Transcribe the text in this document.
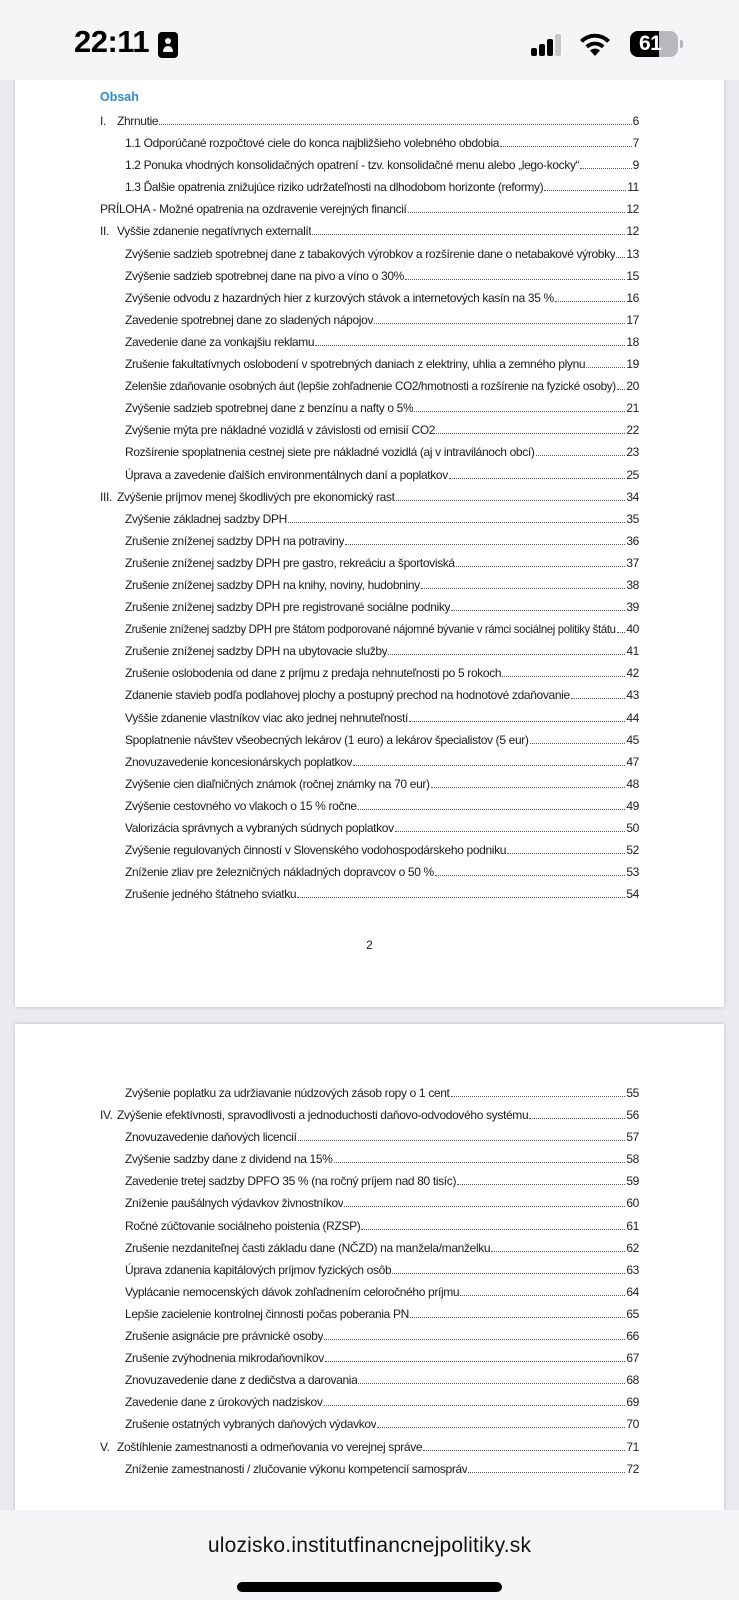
22:11	61
Obsah
I. Zhrnutie	6
1.1 Odporúčané rozpočtové ciele do konca najbližšieho volebného obdobia	7
1.2 Ponuka vhodných konsolidačných opatrení - tzv. konsolidačné menu alebo „lego-kocky“	9
1.3 Ďalšie opatrenia znižujúce riziko udržateľnosti na dlhodobom horizonte (reformy)	11
PRÍLOHA - Možné opatrenia na ozdravenie verejných financií	12
II. Vyššie zdanenie negatívnych externalít	12
Zvýšenie sadzieb spotrebnej dane z tabakových výrobkov a rozšírenie dane o netabakové výrobky 13
Zvýšenie sadzieb spotrebnej dane na pivo a víno o 30%	15
Zvýšenie odvodu z hazardných hier z kurzových stávok a internetových kasín na 35 %	16
Zavedenie spotrebnej dane zo sladených nápojov	17
Zavedenie dane za vonkajšiu reklamu	18
Zrušenie fakultatívnych oslobodení v spotrebných daniach z elektriny, uhlia a zemného plynu	19
Zelenšie zdaňovanie osobných áut (lepšie zohľadnenie CO2/hmotnosti a rozšírenie na fyzické osoby) 20
Zvýšenie sadzieb spotrebnej dane z benzínu a nafty o 5%	21
Zvýšenie mýta pre nákladné vozidlá v závislosti od emisií CO2	22
Rozšírenie spoplatnenia cestnej siete pre nákladné vozidlá (aj v intravilánoch obcí)	23
Úprava a zavedenie ďalších environmentálnych daní a poplatkov	25
III. Zvýšenie príjmov menej škodlivých pre ekonomický rast	34
Zvýšenie základnej sadzby DPH	35
Zrušenie zníženej sadzby DPH na potraviny	36
Zrušenie zníženej sadzby DPH pre gastro, rekreáciu a športoviská	37
Zrušenie zníženej sadzby DPH na knihy, noviny, hudobniny	38
Zrušenie zníženej sadzby DPH pre registrované sociálne podniky	39
Zrušenie zníženej sadzby DPH pre štátom podporované nájomné bývanie v rámci sociálnej politiky štátu 40
Zrušenie zníženej sadzby DPH na ubytovacie služby	41
Zrušenie oslobodenia od dane z príjmu z predaja nehnuteľnosti po 5 rokoch	42
Zdanenie stavieb podľa podlahovej plochy a postupný prechod na hodnotové zdaňovanie	43
Vyššie zdanenie vlastníkov viac ako jednej nehnuteľností	44
Spoplatnenie návštev všeobecných lekárov (1 euro) a lekárov špecialistov (5 eur)	45
Znovuzavedenie koncesionárskych poplatkov	47
Zvýšenie cien diaľničných známok (ročnej známky na 70 eur)	48
Zvýšenie cestovného vo vlakoch o 15 % ročne	49
Valorizácia správnych a vybraných súdnych poplatkov	50
Zvýšenie regulovaných činností v Slovenského vodohospodárskeho podniku	52
Zníženie zliav pre železničných nákladných dopravcov o 50 %	53
Zrušenie jedného štátneho sviatku	54
2
Zvýšenie poplatku za udržiavanie núdzových zásob ropy o 1 cent	55
IV. Zvýšenie efektívnosti, spravodlivosti a jednoduchosti daňovo-odvodového systému	56
Znovuzavedenie daňových licencií	57
Zvýšenie sadzby dane z dividend na 15%	58
Zavedenie tretej sadzby DPFO 35 % (na ročný príjem nad 80 tisíc)	59
Zníženie paušálnych výdavkov živnostníkov	60
Ročné zúčtovanie sociálneho poistenia (RZSP)	61
Zrušenie nezdaniteľnej časti základu dane (NČZD) na manžela/manželku	62
Úprava zdanenia kapitálových príjmov fyzických osôb	63
Vyplácanie nemocenských dávok zohľadnením celoročného príjmu	64
Lepšie zacielenie kontrolnej činnosti počas poberania PN	65
Zrušenie asignácie pre právnické osoby	66
Zrušenie zvýhodnenia mikrodaňovníkov	67
Znovuzavedenie dane z dedičstva a darovania	68
Zavedenie dane z úrokových nadziskov	69
Zrušenie ostatných vybraných daňových výdavkov	70
V. Zoštíhlenie zamestnanosti a odmeňovania vo verejnej správe	71
Zníženie zamestnanosti / zlučovanie výkonu kompetencií samospráv	72
ulozisko.institutfinancnejpolitiky.sk
